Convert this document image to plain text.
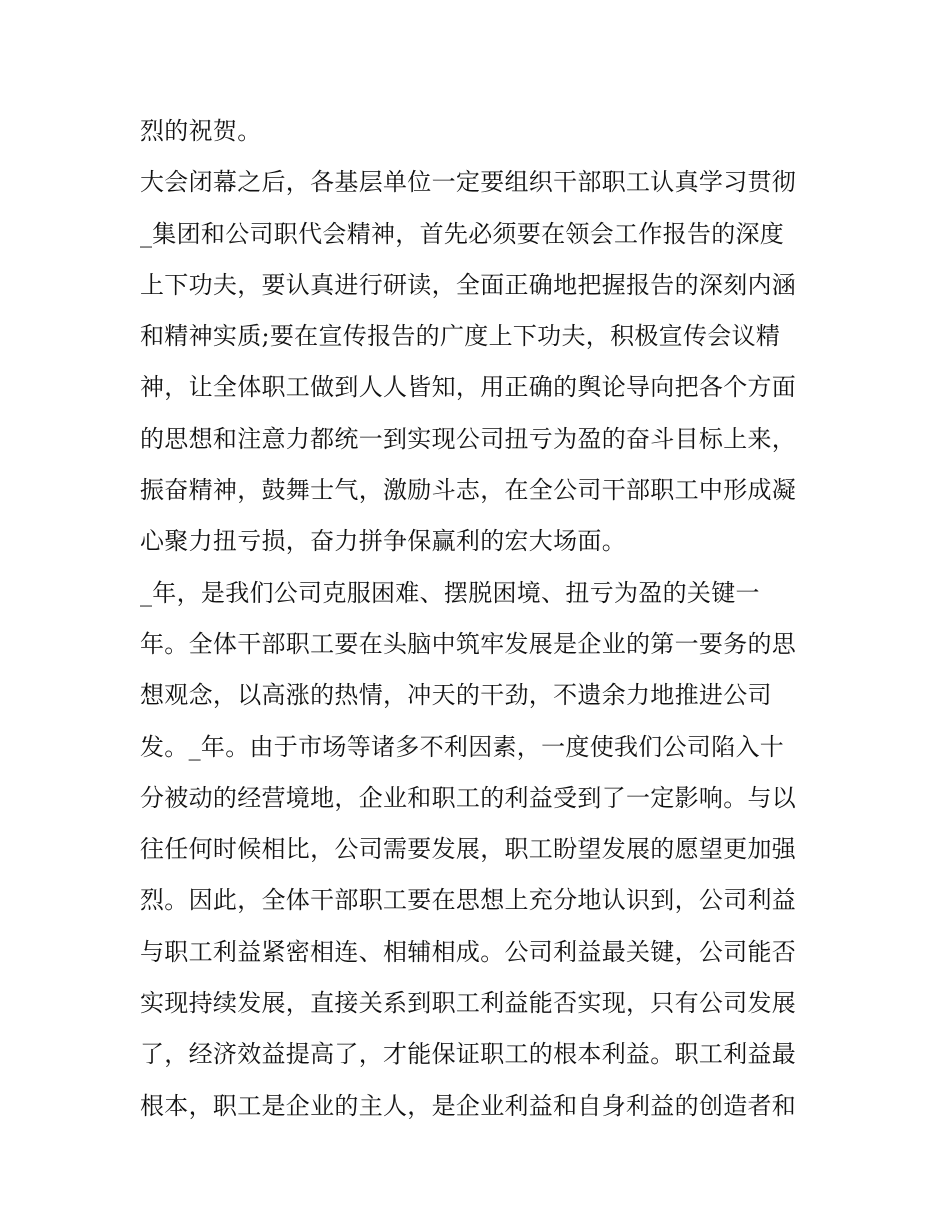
烈的祝贺。
大会闭幕之后，各基层单位一定要组织干部职工认真学习贯彻
_集团和公司职代会精神，首先必须要在领会工作报告的深度
上下功夫，要认真进行研读，全面正确地把握报告的深刻内涵
和精神实质;要在宣传报告的广度上下功夫，积极宣传会议精
神，让全体职工做到人人皆知，用正确的舆论导向把各个方面
的思想和注意力都统一到实现公司扭亏为盈的奋斗目标上来，
振奋精神，鼓舞士气，激励斗志，在全公司干部职工中形成凝
心聚力扭亏损，奋力拼争保赢利的宏大场面。
_年，是我们公司克服困难、摆脱困境、扭亏为盈的关键一
年。全体干部职工要在头脑中筑牢发展是企业的第一要务的思
想观念，以高涨的热情，冲天的干劲，不遗余力地推进公司
发。_年。由于市场等诸多不利因素，一度使我们公司陷入十
分被动的经营境地，企业和职工的利益受到了一定影响。与以
往任何时候相比，公司需要发展，职工盼望发展的愿望更加强
烈。因此，全体干部职工要在思想上充分地认识到，公司利益
与职工利益紧密相连、相辅相成。公司利益最关键，公司能否
实现持续发展，直接关系到职工利益能否实现，只有公司发展
了，经济效益提高了，才能保证职工的根本利益。职工利益最
根本，职工是企业的主人，是企业利益和自身利益的创造者和
